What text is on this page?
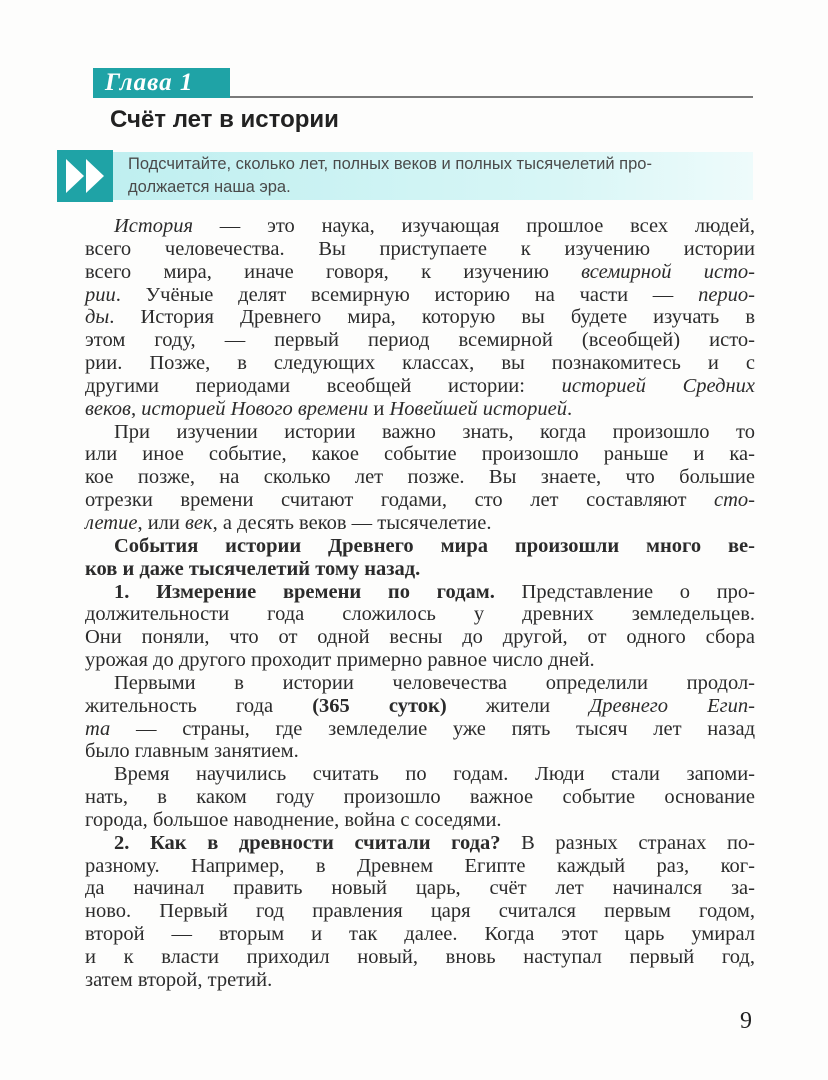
Глава 1
Счёт лет в истории
Подсчитайте, сколько лет, полных веков и полных тысячелетий про-
должается наша эра.
История — это наука, изучающая прошлое всех людей,
всего человечества. Вы приступаете к изучению истории
всего мира, иначе говоря, к изучению всемирной исто-
рии. Учёные делят всемирную историю на части — перио-
ды. История Древнего мира, которую вы будете изучать в
этом году, — первый период всемирной (всеобщей) исто-
рии. Позже, в следующих классах, вы познакомитесь и с
другими периодами всеобщей истории: историей Средних
веков, историей Нового времени и Новейшей историей.
При изучении истории важно знать, когда произошло то
или иное событие, какое событие произошло раньше и ка-
кое позже, на сколько лет позже. Вы знаете, что большие
отрезки времени считают годами, сто лет составляют сто-
летие, или век, а десять веков — тысячелетие.
События истории Древнего мира произошли много ве-
ков и даже тысячелетий тому назад.
1. Измерение времени по годам. Представление о про-
должительности года сложилось у древних земледельцев.
Они поняли, что от одной весны до другой, от одного сбора
урожая до другого проходит примерно равное число дней.
Первыми в истории человечества определили продол-
жительность года (365 суток) жители Древнего Егип-
та — страны, где земледелие уже пять тысяч лет назад
было главным занятием.
Время научились считать по годам. Люди стали запоми-
нать, в каком году произошло важное событие основание
города, большое наводнение, война с соседями.
2. Как в древности считали года? В разных странах по-
разному. Например, в Древнем Египте каждый раз, ког-
да начинал править новый царь, счёт лет начинался за-
ново. Первый год правления царя считался первым годом,
второй — вторым и так далее. Когда этот царь умирал
и к власти приходил новый, вновь наступал первый год,
затем второй, третий.
9
